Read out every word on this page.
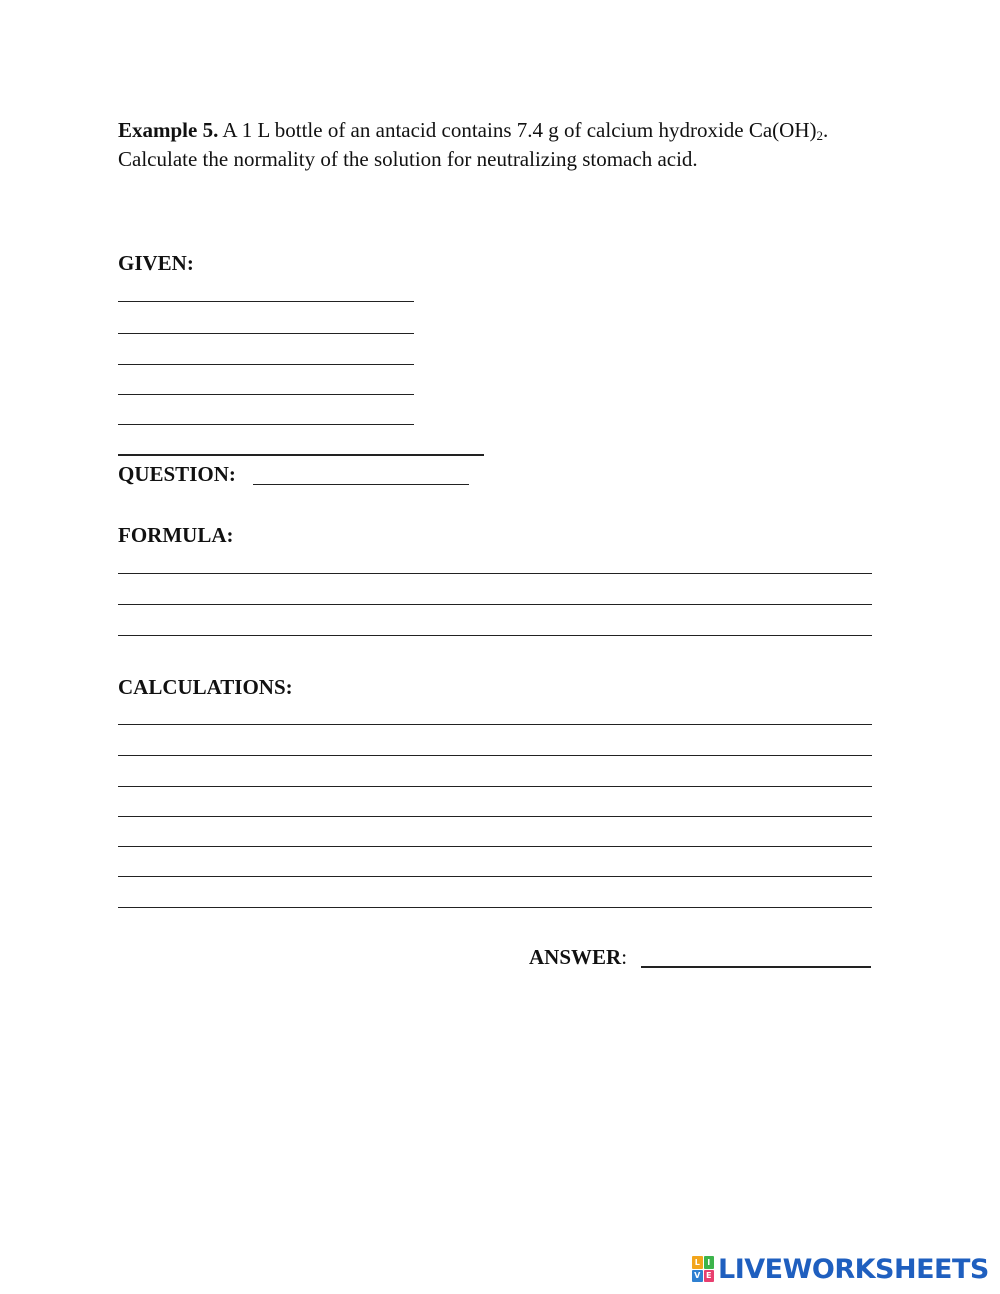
Example 5. A 1 L bottle of an antacid contains 7.4 g of calcium hydroxide $Ca(OH)_2$.
Calculate the normality of the solution for neutralizing stomach acid.
GIVEN:
QUESTION:
FORMULA:
CALCULATIONS:
ANSWER:
L I
V E LIVEWORKSHEETS
